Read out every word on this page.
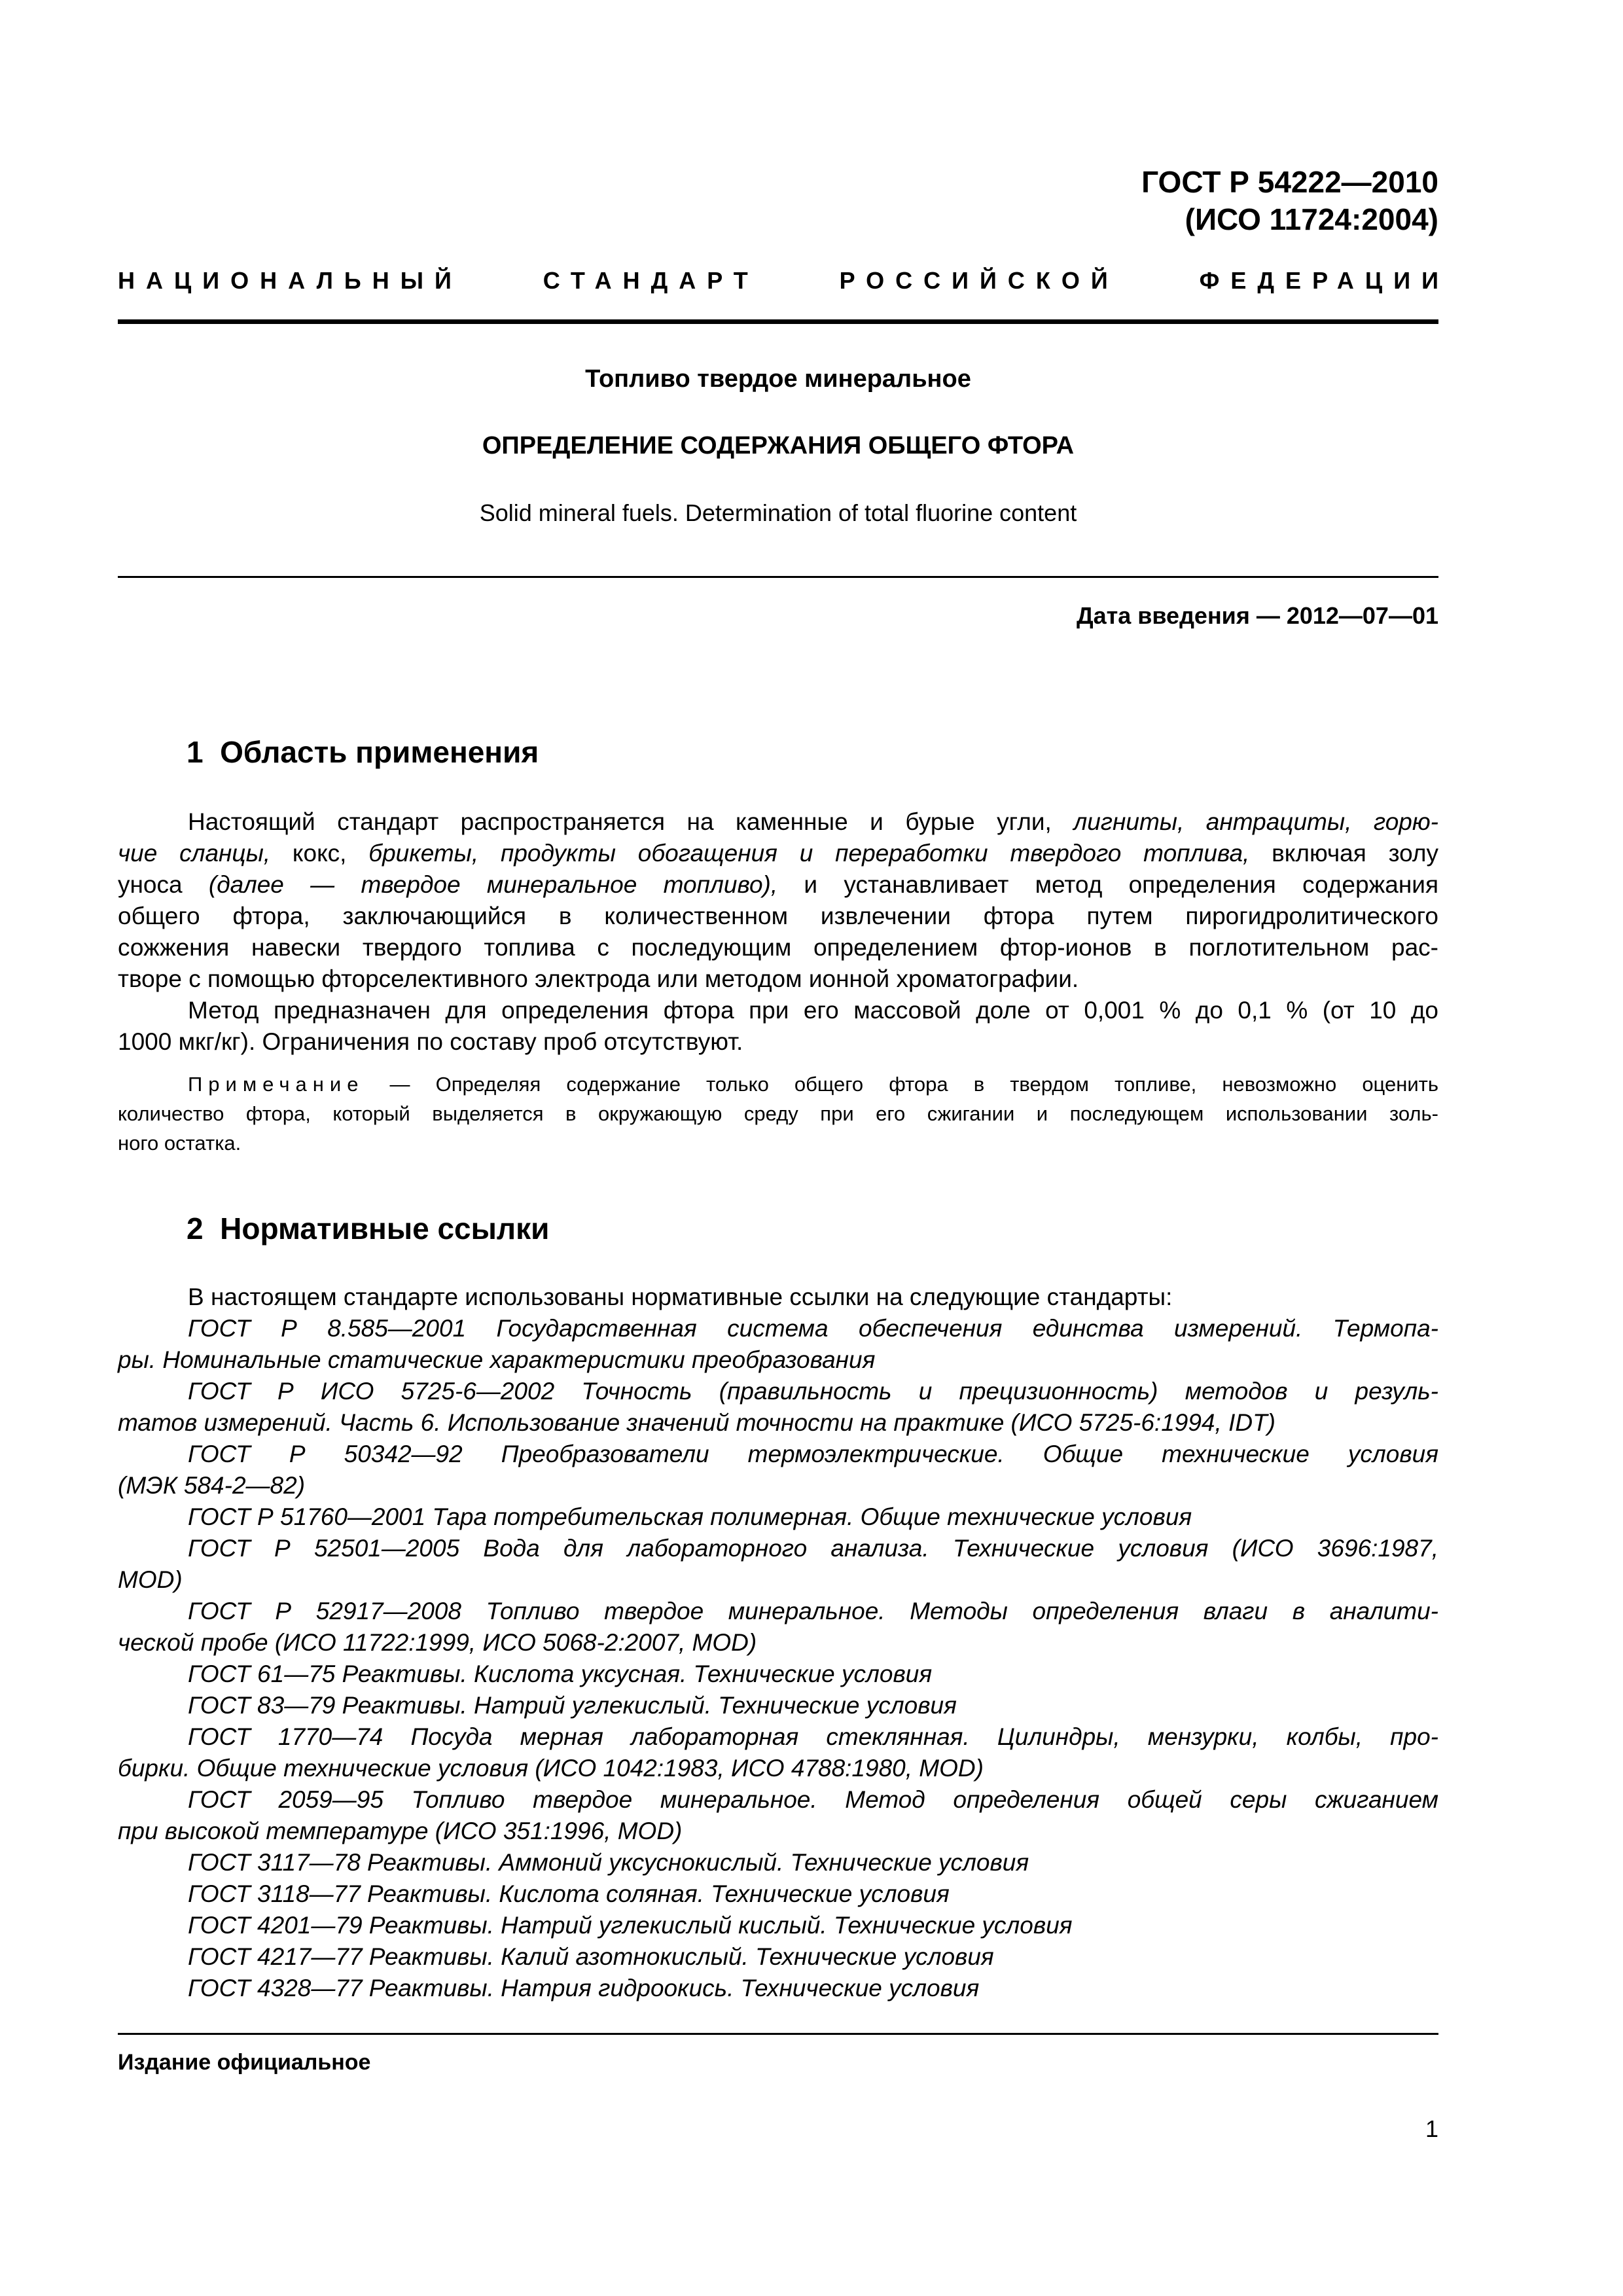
ГОСТ Р 54222—2010
(ИСО 11724:2004)
НАЦИОНАЛЬНЫЙ	СТАНДАРТ	РОССИЙСКОЙ	ФЕДЕРАЦИИ
Топливо твердое минеральное
ОПРЕДЕЛЕНИЕ СОДЕРЖАНИЯ ОБЩЕГО ФТОРА
Solid mineral fuels. Determination of total fluorine content
Дата введения — 2012—07—01
1  Область применения
Настоящий стандарт распространяется на каменные и бурые угли, лигниты, антрациты, горю-
чие сланцы, кокс, брикеты, продукты обогащения и переработки твердого топлива, включая золу
уноса (далее — твердое минеральное топливо), и устанавливает метод определения содержания
общего фтора, заключающийся в количественном извлечении фтора путем пирогидролитического
сожжения навески твердого топлива с последующим определением фтор-ионов в поглотительном рас-
творе с помощью фторселективного электрода или методом ионной хроматографии.
Метод предназначен для определения фтора при его массовой доле от 0,001 % до 0,1 % (от 10 до
1000 мкг/кг). Ограничения по составу проб отсутствуют.
Примечание — Определяя содержание только общего фтора в твердом топливе, невозможно оценить
количество фтора, который выделяется в окружающую среду при его сжигании и последующем использовании золь-
ного остатка.
2  Нормативные ссылки
В настоящем стандарте использованы нормативные ссылки на следующие стандарты:
ГОСТ Р 8.585—2001 Государственная система обеспечения единства измерений. Термопа-
ры. Номинальные статические характеристики преобразования
ГОСТ Р ИСО 5725-6—2002 Точность (правильность и прецизионность) методов и резуль-
татов измерений. Часть 6. Использование значений точности на практике (ИСО 5725-6:1994, IDT)
ГОСТ Р 50342—92 Преобразователи термоэлектрические. Общие технические условия
(МЭК 584-2—82)
ГОСТ Р 51760—2001 Тара потребительская полимерная. Общие технические условия
ГОСТ Р 52501—2005 Вода для лабораторного анализа. Технические условия (ИСО 3696:1987,
MOD)
ГОСТ Р 52917—2008 Топливо твердое минеральное. Методы определения влаги в аналити-
ческой пробе (ИСО 11722:1999, ИСО 5068-2:2007, MOD)
ГОСТ 61—75 Реактивы. Кислота уксусная. Технические условия
ГОСТ 83—79 Реактивы. Натрий углекислый. Технические условия
ГОСТ 1770—74 Посуда мерная лабораторная стеклянная. Цилиндры, мензурки, колбы, про-
бирки. Общие технические условия (ИСО 1042:1983, ИСО 4788:1980, MOD)
ГОСТ 2059—95 Топливо твердое минеральное. Метод определения общей серы сжиганием
при высокой температуре (ИСО 351:1996, MOD)
ГОСТ 3117—78 Реактивы. Аммоний уксуснокислый. Технические условия
ГОСТ 3118—77 Реактивы. Кислота соляная. Технические условия
ГОСТ 4201—79 Реактивы. Натрий углекислый кислый. Технические условия
ГОСТ 4217—77 Реактивы. Калий азотнокислый. Технические условия
ГОСТ 4328—77 Реактивы. Натрия гидроокись. Технические условия
Издание официальное
1
